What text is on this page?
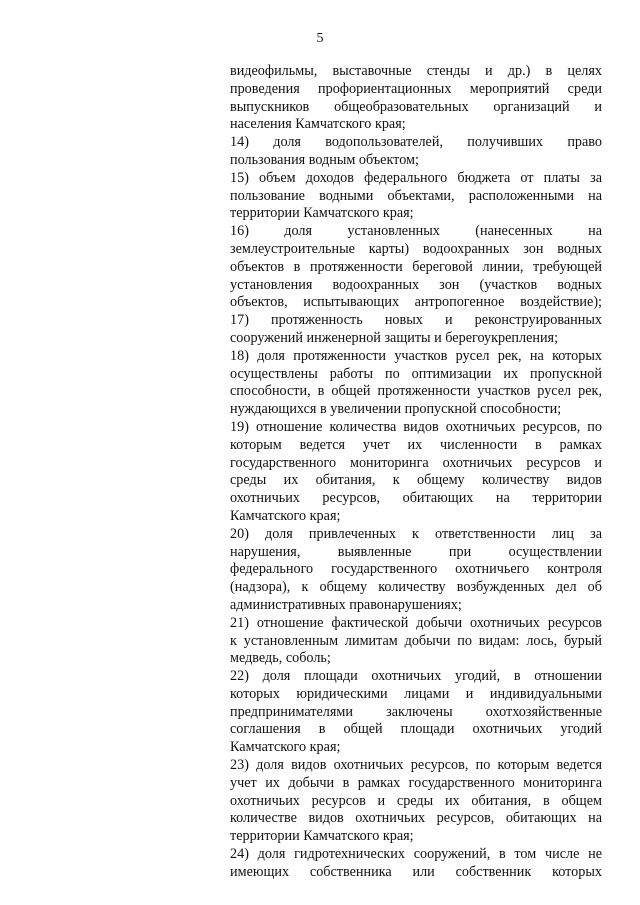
5
видеофильмы, выставочные стенды и др.) в целях
проведения профориентационных мероприятий среди
выпускников общеобразовательных организаций и
населения Камчатского края;
14) доля водопользователей, получивших право
пользования водным объектом;
15) объем доходов федерального бюджета от платы за
пользование водными объектами, расположенными на
территории Камчатского края;
16) доля установленных (нанесенных на
землеустроительные карты) водоохранных зон водных
объектов в протяженности береговой линии, требующей
установления водоохранных зон (участков водных
объектов, испытывающих антропогенное воздействие);
17) протяженность новых и реконструированных
сооружений инженерной защиты и берегоукрепления;
18) доля протяженности участков русел рек, на которых
осуществлены работы по оптимизации их пропускной
способности, в общей протяженности участков русел рек,
нуждающихся в увеличении пропускной способности;
19) отношение количества видов охотничьих ресурсов, по
которым ведется учет их численности в рамках
государственного мониторинга охотничьих ресурсов и
среды их обитания, к общему количеству видов
охотничьих ресурсов, обитающих на территории
Камчатского края;
20) доля привлеченных к ответственности лиц за
нарушения, выявленные при осуществлении
федерального государственного охотничьего контроля
(надзора), к общему количеству возбужденных дел об
административных правонарушениях;
21) отношение фактической добычи охотничьих ресурсов
к установленным лимитам добычи по видам: лось, бурый
медведь, соболь;
22) доля площади охотничьих угодий, в отношении
которых юридическими лицами и индивидуальными
предпринимателями заключены охотхозяйственные
соглашения в общей площади охотничьих угодий
Камчатского края;
23) доля видов охотничьих ресурсов, по которым ведется
учет их добычи в рамках государственного мониторинга
охотничьих ресурсов и среды их обитания, в общем
количестве видов охотничьих ресурсов, обитающих на
территории Камчатского края;
24) доля гидротехнических сооружений, в том числе не
имеющих собственника или собственник которых
